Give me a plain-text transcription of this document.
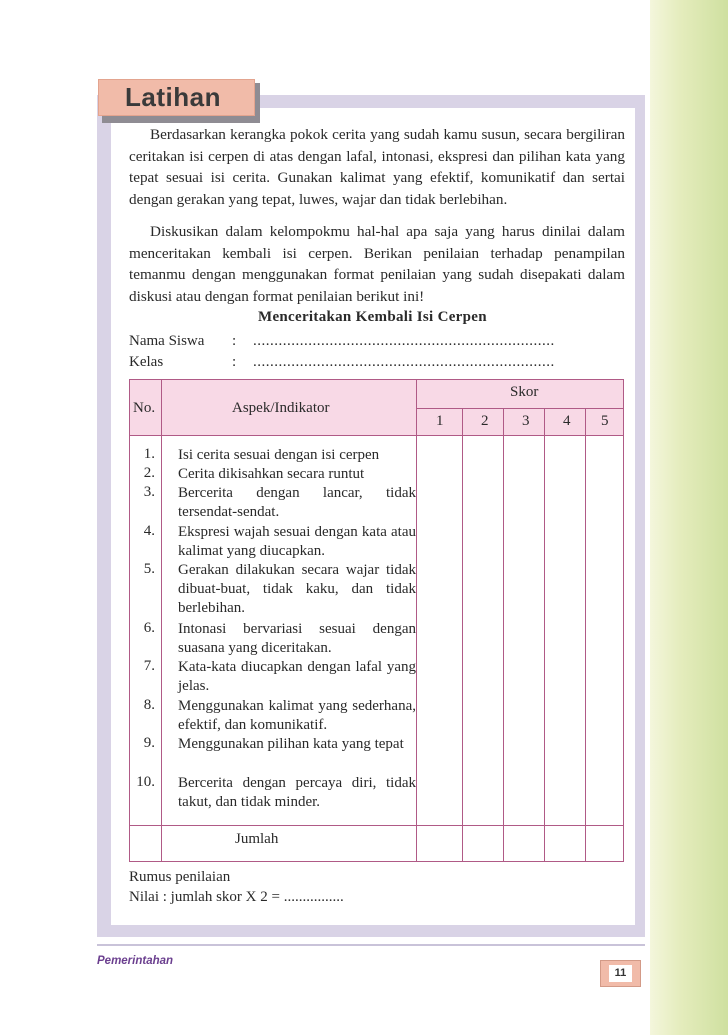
Latihan

Berdasarkan kerangka pokok cerita yang sudah kamu susun, secara bergiliran ceritakan isi cerpen di atas dengan lafal, intonasi, ekspresi dan pilihan kata yang tepat sesuai isi cerita. Gunakan kalimat yang efektif, komunikatif dan sertai dengan gerakan yang tepat, luwes, wajar dan tidak berlebihan.

Diskusikan dalam kelompokmu hal-hal apa saja yang harus dinilai dalam menceritakan kembali isi cerpen. Berikan penilaian terhadap penampilan temanmu dengan menggunakan format penilaian yang sudah disepakati dalam diskusi atau dengan format penilaian berikut ini!

Menceritakan Kembali Isi Cerpen
Nama Siswa : .......................................................................
Kelas	: .......................................................................
No.	Aspek/Indikator
Skor
1	2 3 4 5
1. Isi cerita sesuai dengan isi cerpen
2. Cerita dikisahkan secara runtut
3. Bercerita dengan lancar, tidak tersendat-sendat.
4. Ekspresi wajah sesuai dengan kata atau kalimat yang diucapkan.
5. Gerakan dilakukan secara wajar tidak dibuat-buat, tidak kaku, dan tidak berlebihan.
6. Intonasi bervariasi sesuai dengan suasana yang diceritakan.
7. Kata-kata diucapkan dengan lafal yang jelas.
8. Menggunakan kalimat yang sederhana, efektif, dan komunikatif.
9. Menggunakan pilihan kata yang tepat
10. Bercerita dengan percaya diri, tidak takut, dan tidak minder.
Jumlah
Rumus penilaian
Nilai : jumlah skor X 2 = ................
Pemerintahan
11
